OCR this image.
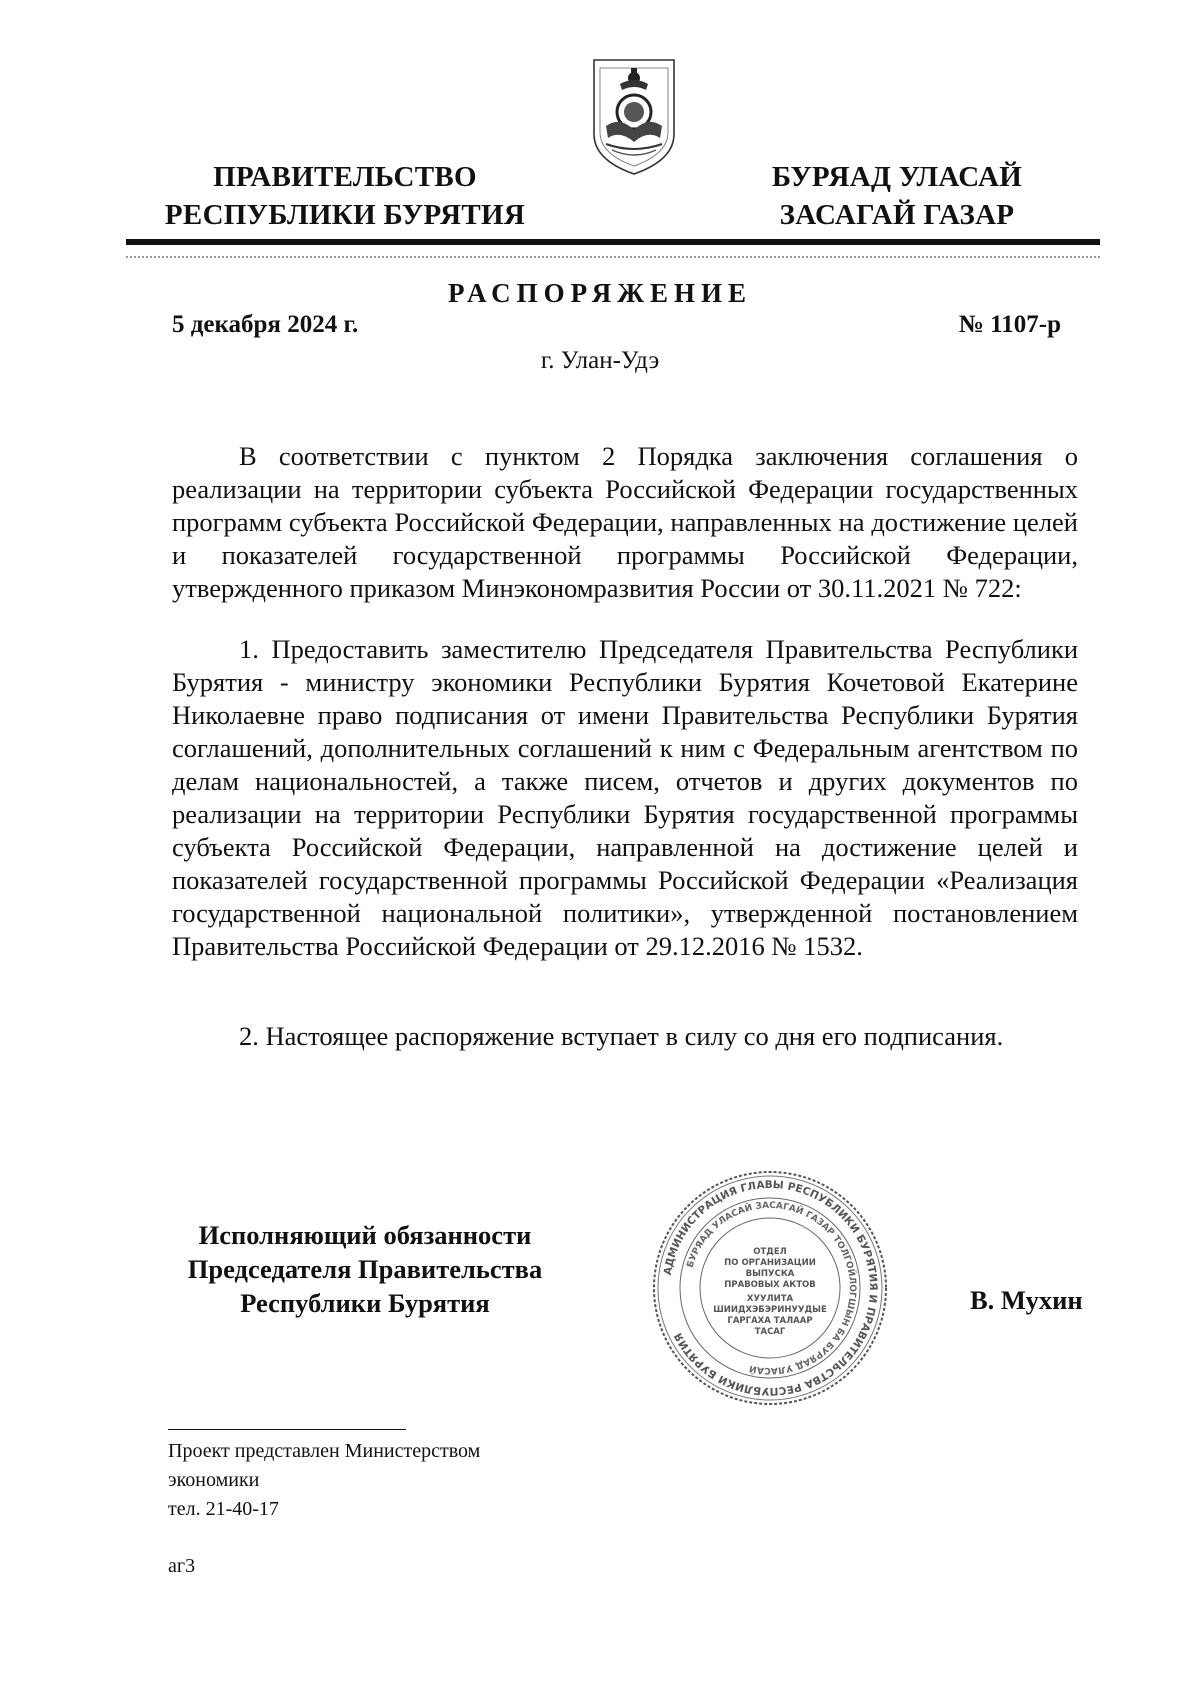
ПРАВИТЕЛЬСТВО
РЕСПУБЛИКИ БУРЯТИЯ
БУРЯАД УЛАСАЙ
ЗАСАГАЙ ГАЗАР
РАСПОРЯЖЕНИЕ
5 декабря 2024 г.	№ 1107-р
г. Улан-Удэ

В соответствии с пунктом 2 Порядка заключения соглашения о реализации на территории субъекта Российской Федерации государственных программ субъекта Российской Федерации, направленных на достижение целей и показателей государственной программы Российской Федерации, утвержденного приказом Минэкономразвития России от 30.11.2021 № 722:

1. Предоставить заместителю Председателя Правительства Республики Бурятия - министру экономики Республики Бурятия Кочетовой Екатерине Николаевне право подписания от имени Правительства Республики Бурятия соглашений, дополнительных соглашений к ним с Федеральным агентством по делам национальностей, а также писем, отчетов и других документов по реализации на территории Республики Бурятия государственной программы субъекта Российской Федерации, направленной на достижение целей и показателей государственной программы Российской Федерации «Реализация государственной национальной политики», утвержденной постановлением Правительства Российской Федерации от 29.12.2016 № 1532.

2. Настоящее распоряжение вступает в силу со дня его подписания.

Исполняющий обязанности
Председателя Правительства
Республики Бурятия
АДМИНИСТРАЦИЯ ГЛАВЫ РЕСПУБЛИКИ БУРЯТИЯ И ПРАВИТЕЛЬСТВА РЕСПУБЛИКИ БУРЯТИЯ
БУРЯАД УЛАСАЙ ЗАСАГАЙ ГАЗАР ТОЛГОЙЛОГШЫН БА БУРЯАД УЛАСАЙ
ОТДЕЛ
ПО ОРГАНИЗАЦИИ
ВЫПУСКА
ПРАВОВЫХ АКТОВ
ХУУЛИТА
ШИИДХЭБЭРИНУУДЫЕ
ГАРГАХА ТАЛААР
ТАСАГ
В. Мухин
Проект представлен Министерством
экономики
тел. 21-40-17
аг3
